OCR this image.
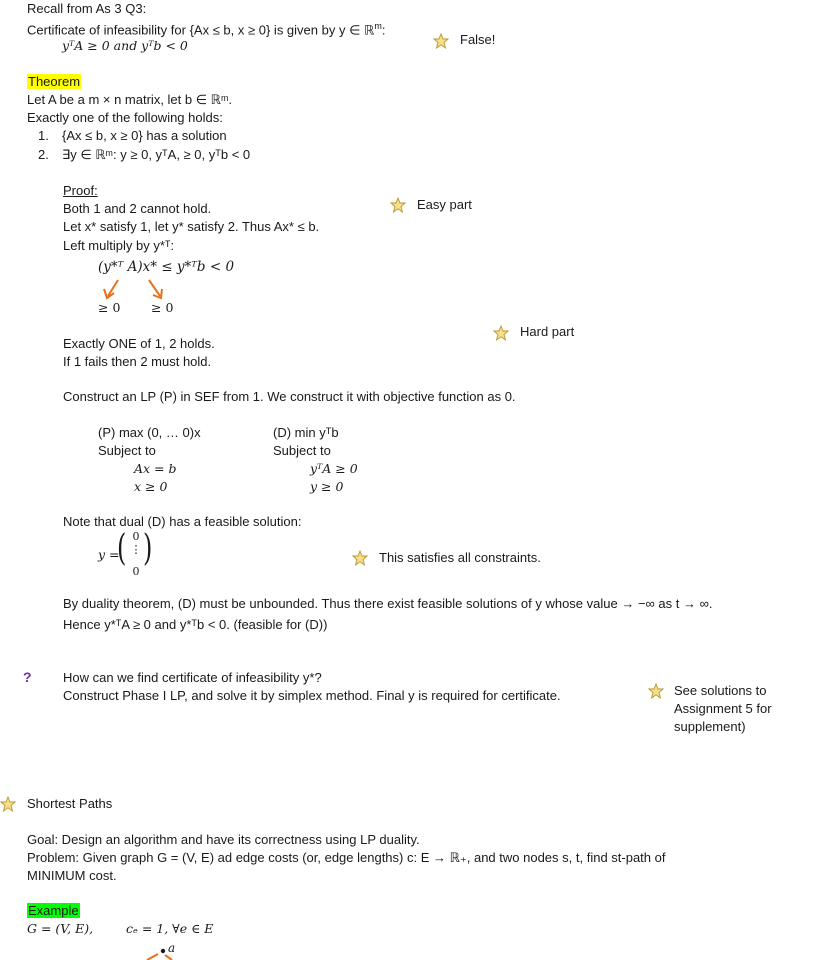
Recall from As 3 Q3:
Certificate of infeasibility for {Ax ≤ b, x ≥ 0} is given by y ∈ ℝ$^m$:
yᵀA ≥ 0 and yᵀb < 0	False!
Theorem
Let A be a m × n matrix, let b ∈ ℝᵐ.
Exactly one of the following holds:
1. {Ax ≤ b, x ≥ 0} has a solution
2. ∃y ∈ ℝᵐ: y ≥ 0, yᵀA, ≥ 0, yᵀb < 0
Proof:
Both 1 and 2 cannot hold.	Easy part
Let x* satisfy 1, let y* satisfy 2. Thus Ax* ≤ b.
Left multiply by y*ᵀ:
(y*ᵀ A)x* ≤ y*ᵀb < 0
≥ 0 ≥ 0
Hard part
Exactly ONE of 1, 2 holds.
If 1 fails then 2 must hold.
Construct an LP (P) in SEF from 1. We construct it with objective function as 0.
(P) max (0, … 0)x
Subject to
Ax = b
x ≥ 0
(D) min yᵀb
Subject to
yᵀA ≥ 0
y ≥ 0
Note that dual (D) has a feasible solution:
y =
( 0
⋮
0
)	This satisfies all constraints.
By duality theorem, (D) must be unbounded. Thus there exist feasible solutions of y whose value → −∞ as t → ∞.
Hence y*ᵀA ≥ 0 and y*ᵀb < 0. (feasible for (D))
? How can we find certificate of infeasibility y*?
Construct Phase I LP, and solve it by simplex method. Final y is required for certificate.	See solutions to
Assignment 5 for
supplement)
Shortest Paths
Goal: Design an algorithm and have its correctness using LP duality.
Problem: Given graph G = (V, E) ad edge costs (or, edge lengths) c: E → ℝ₊, and two nodes s, t, find st-path of
MINIMUM cost.
Example
G = (V, E),	cₑ = 1, ∀e ∈ E
a
